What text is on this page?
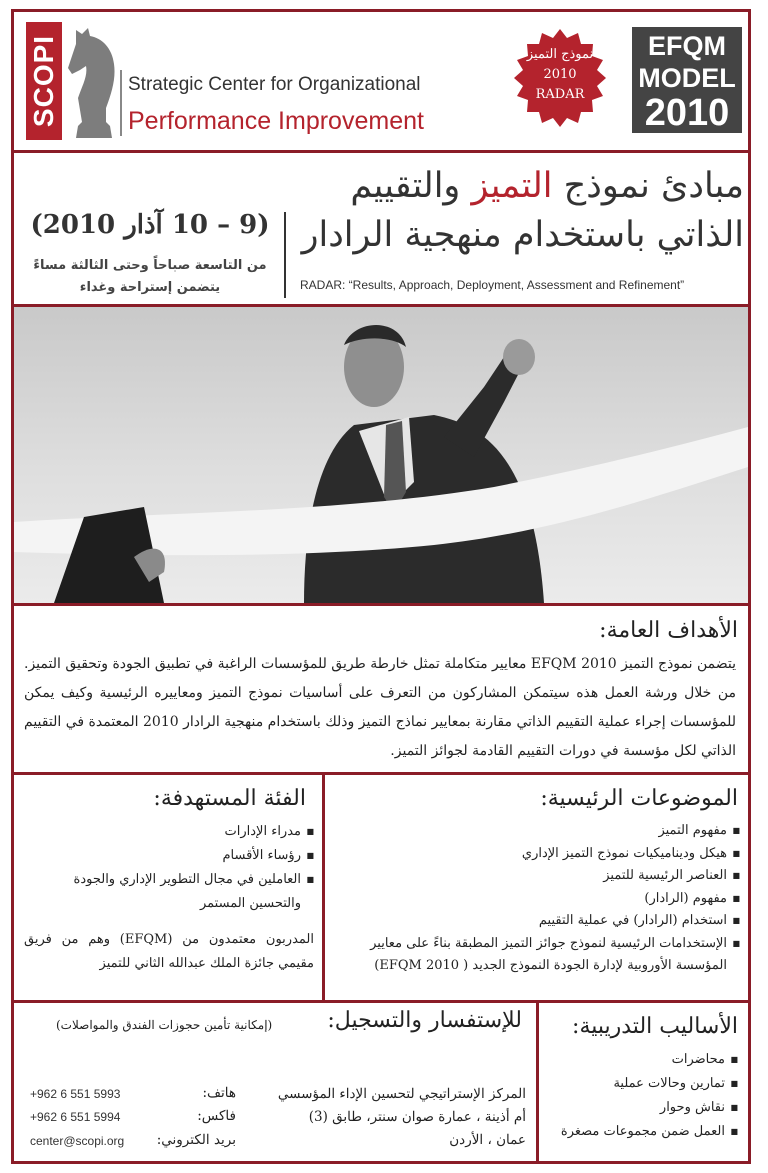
SCOPI	Strategic Center for Organizational
Performance Improvement
نموذج التميز
2010
RADAR
EFQM
MODEL
2010
مبادئ نموذج التميز والتقييم
الذاتي باستخدام منهجية الرادار
RADAR: “Results, Approach, Deployment, Assessment and Refinement”
(9 – 10 آذار 2010)
من التاسعة صباحاً وحتى الثالثة مساءً
يتضمن إستراحة وغداء
الأهداف العامة:
يتضمن نموذج التميز EFQM 2010 معايير متكاملة تمثل خارطة طريق للمؤسسات الراغبة في تطبيق الجودة وتحقيق التميز. من خلال ورشة العمل هذه سيتمكن المشاركون من التعرف على أساسيات نموذج التميز ومعاييره الرئيسية وكيف يمكن للمؤسسات إجراء عملية التقييم الذاتي مقارنة بمعايير نماذج التميز وذلك باستخدام منهجية الرادار 2010 المعتمدة في التقييم الذاتي لكل مؤسسة في دورات التقييم القادمة لجوائز التميز.
الموضوعات الرئيسية:
■ مفهوم التميز
■ هيكل وديناميكيات نموذج التميز الإداري
■ العناصر الرئيسية للتميز
■ مفهوم (الرادار)
■ استخدام (الرادار) في عملية التقييم
■ الإستخدامات الرئيسية لنموذج جوائز التميز المطبقة بناءً على معايير المؤسسة الأوروبية لإدارة الجودة النموذج الجديد ( EFQM 2010)
الفئة المستهدفة:
■ مدراء الإدارات
■ رؤساء الأقسام
■ العاملين في مجال التطوير الإداري والجودة والتحسين المستمر
المدربون معتمدون من (EFQM) وهم من فريق مقيمي جائزة الملك عبدالله الثاني للتميز
للإستفسار والتسجيل:
(إمكانية تأمين حجوزات الفندق والمواصلات)
المركز الإستراتيجي لتحسين الإداء المؤسسي
أم أذينة ، عمارة صوان سنتر، طابق (3)
عمان ، الأردن
هاتف:
+962 6 551 5993
فاكس:
+962 6 551 5994
بريد الكتروني:
center@scopi.org
الأساليب التدريبية:
■ محاضرات
■ تمارين وحالات عملية
■ نقاش وحوار
■ العمل ضمن مجموعات مصغرة
